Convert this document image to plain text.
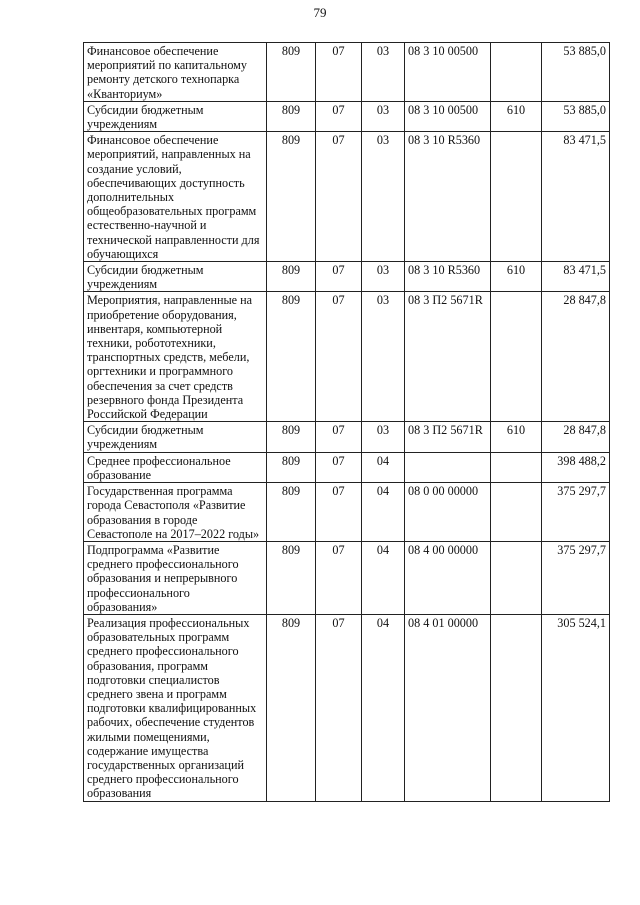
79
Финансовое обеспечение мероприятий по капитальному ремонту детского технопарка «Кванториум»	809	07	03	08 3 10 00500		53 885,0
Субсидии бюджетным учреждениям	809	07	03	08 3 10 00500	610	53 885,0
Финансовое обеспечение мероприятий, направленных на создание условий, обеспечивающих доступность дополнительных общеобразовательных программ естественно-научной и технической направленности для обучающихся	809	07	03	08 3 10 R5360		83 471,5
Субсидии бюджетным учреждениям	809	07	03	08 3 10 R5360	610	83 471,5
Мероприятия, направленные на приобретение оборудования, инвентаря, компьютерной техники, робототехники, транспортных средств, мебели, оргтехники и программного обеспечения за счет средств резервного фонда Президента Российской Федерации	809	07	03	08 3 П2 5671R		28 847,8
Субсидии бюджетным учреждениям	809	07	03	08 3 П2 5671R	610	28 847,8
Среднее профессиональное образование	809	07	04			398 488,2
Государственная программа города Севастополя «Развитие образования в городе Севастополе на 2017–2022 годы»	809	07	04	08 0 00 00000		375 297,7
Подпрограмма «Развитие среднего профессионального образования и непрерывного профессионального образования»	809	07	04	08 4 00 00000		375 297,7
Реализация профессиональных образовательных программ среднего профессионального образования, программ подготовки специалистов среднего звена и программ подготовки квалифицированных рабочих, обеспечение студентов жилыми помещениями, содержание имущества государственных организаций среднего профессионального образования	809	07	04	08 4 01 00000		305 524,1
